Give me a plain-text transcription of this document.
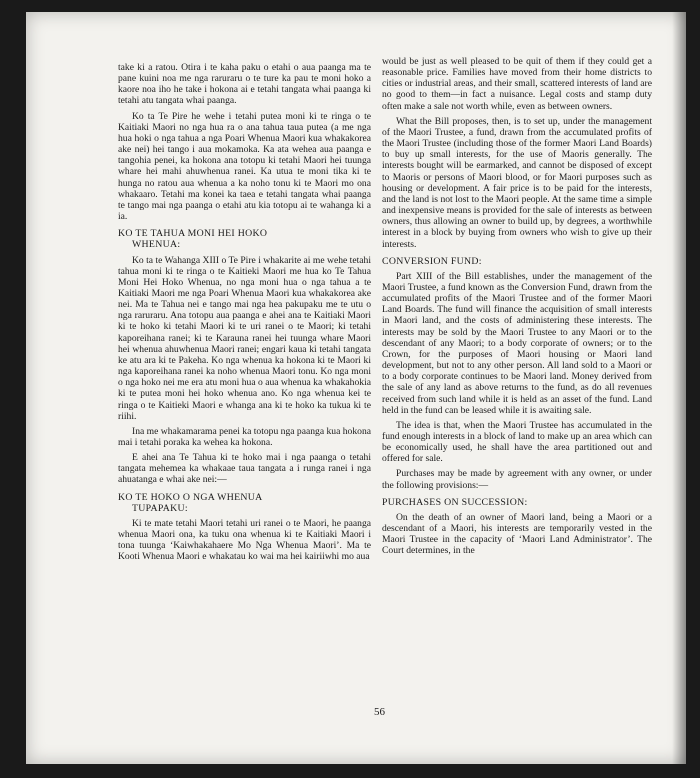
take ki a ratou. Otira i te kaha paku o etahi o aua paanga ma te pane kuini noa me nga raruraru o te ture ka pau te moni hoko a kaore noa iho he take i hokona ai e tetahi tangata whai paanga ki tetahi atu tangata whai paanga.

Ko ta Te Pire he wehe i tetahi putea moni ki te ringa o te Kaitiaki Maori no nga hua ra o ana tahua taua putea (a me nga hua hoki o nga tahua a nga Poari Whenua Maori kua whakakorea ake nei) hei tango i aua mokamoka. Ka ata wehea aua paanga e tangohia penei, ka hokona ana totopu ki tetahi Maori hei tuunga whare hei mahi ahuwhenua ranei. Ka utua te moni tika ki te hunga no ratou aua whenua a ka noho tonu ki te Maori mo ona whakaaro. Tetahi ma konei ka taea e tetahi tangata whai paanga te tango mai nga paanga o etahi atu kia totopu ai te wahanga ki a ia.

KO TE TAHUA MONI HEI HOKO
WHENUA:

Ko ta te Wahanga XIII o Te Pire i whakarite ai me wehe tetahi tahua moni ki te ringa o te Kaitieki Maori me hua ko Te Tahua Moni Hei Hoko Whenua, no nga moni hua o nga tahua a te Kaitiaki Maori me nga Poari Whenua Maori kua whakakorea ake nei. Ma te Tahua nei e tango mai nga hea pakupaku me te utu o nga raruraru. Ana totopu aua paanga e ahei ana te Kaitiaki Maori ki te hoko ki tetahi Maori ki te uri ranei o te Maori; ki tetahi kaporeihana ranei; ki te Karauna ranei hei tuunga whare Maori hei whenua ahuwhenua Maori ranei; engari kaua ki tetahi tangata ke atu ara ki te Pakeha. Ko nga whenua ka hokona ki te Maori ki nga kaporeihana ranei ka noho whenua Maori tonu. Ko nga moni o nga hoko nei me era atu moni hua o aua whenua ka whakahokia ki te putea moni hei hoko whenua ano. Ko nga whenua kei te ringa o te Kaitieki Maori e whanga ana ki te hoko ka tukua ki te riihi.

Ina me whakamarama penei ka totopu nga paanga kua hokona mai i tetahi poraka ka wehea ka hokona.

E ahei ana Te Tahua ki te hoko mai i nga paanga o tetahi tangata mehemea ka whakaae taua tangata a i runga ranei i nga ahuatanga e whai ake nei:—

KO TE HOKO O NGA WHENUA
TUPAPAKU:

Ki te mate tetahi Maori tetahi uri ranei o te Maori, he paanga whenua Maori ona, ka tuku ona whenua ki te Kaitiaki Maori i tona tuunga ‘Kaiwhakahaere Mo Nga Whenua Maori’. Ma te Kooti Whenua Maori e whakatau ko wai ma hei kairiiwhi mo aua

would be just as well pleased to be quit of them if they could get a reasonable price. Families have moved from their home districts to cities or industrial areas, and their small, scattered interests of land are no good to them—in fact a nuisance. Legal costs and stamp duty often make a sale not worth while, even as between owners.

What the Bill proposes, then, is to set up, under the management of the Maori Trustee, a fund, drawn from the accumulated profits of the Maori Trustee (including those of the former Maori Land Boards) to buy up small interests, for the use of Maoris generally. The interests bought will be earmarked, and cannot be disposed of except to Maoris or persons of Maori blood, or for Maori purposes such as housing or development. A fair price is to be paid for the interests, and the land is not lost to the Maori people. At the same time a simple and inexpensive means is provided for the sale of interests as between owners, thus allowing an owner to build up, by degrees, a worthwhile interest in a block by buying from owners who wish to give up their interests.

CONVERSION FUND:

Part XIII of the Bill establishes, under the management of the Maori Trustee, a fund known as the Conversion Fund, drawn from the accumulated profits of the Maori Trustee and of the former Maori Land Boards. The fund will finance the acquisition of small interests in Maori land, and the costs of administering these interests. The interests may be sold by the Maori Trustee to any Maori or to the descendant of any Maori; to a body corporate of owners; or to the Crown, for the purposes of Maori housing or Maori land development, but not to any other person. All land sold to a Maori or to a body corporate continues to be Maori land. Money derived from the sale of any land as above returns to the fund, as do all revenues received from such land while it is held as an asset of the fund. Land held in the fund can be leased while it is awaiting sale.

The idea is that, when the Maori Trustee has accumulated in the fund enough interests in a block of land to make up an area which can be economically used, he shall have the area partitioned out and offered for sale.

Purchases may be made by agreement with any owner, or under the following provisions:—

PURCHASES ON SUCCESSION:

On the death of an owner of Maori land, being a Maori or a descendant of a Maori, his interests are temporarily vested in the Maori Trustee in the capacity of ‘Maori Land Administrator’. The Court determines, in the

56
